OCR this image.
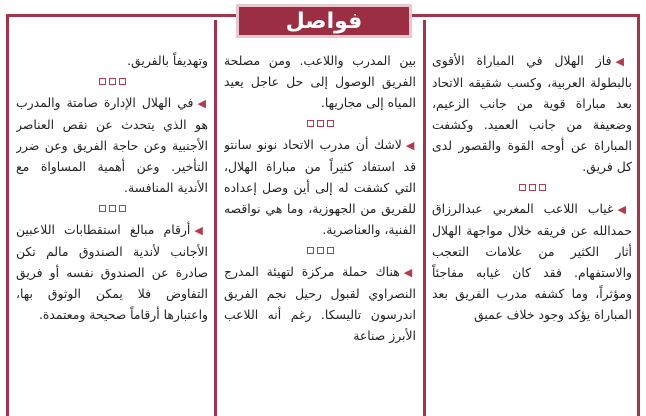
فواصل

◀فاز الهلال في المباراة الأقوى بالبطولة العربية، وكسب شقيقه الاتحاد بعد مباراة قوية من جانب الزعيم، وضعيفة من جانب العميد. وكشفت المباراة عن أوجه القوة والقصور لدى كل فريق.

◀غياب اللاعب المغربي عبدالرزاق حمدالله عن فريقه خلال مواجهة الهلال أثار الكثير من علامات التعجب والاستفهام. فقد كان غيابه مفاجئاً ومؤثراً، وما كشفه مدرب الفريق بعد المباراة يؤكد وجود خلاف عميق

بين المدرب واللاعب. ومن مصلحة الفريق الوصول إلى حل عاجل يعيد المياه إلى مجاريها.

◀لاشك أن مدرب الاتحاد نونو سانتو قد استفاد كثيراً من مباراة الهلال، التي كشفت له إلى أين وصل إعداده للفريق من الجهوزية، وما هي نواقصه الفنية، والعناصرية.

◀هناك حملة مركزة لتهيئة المدرج النصراوي لقبول رحيل نجم الفريق اندرسون تاليسكا. رغم أنه اللاعب الأبرز صناعة

وتهديفاً بالفريق.

◀في الهلال الإدارة صامتة والمدرب هو الذي يتحدث عن نقص العناصر الأجنبية وعن حاجة الفريق وعن ضرر التأخير. وعن أهمية المساواة مع الأندية المنافسة.

◀أرقام مبالغ استقطابات اللاعبين الأجانب لأندية الصندوق مالم تكن صادرة عن الصندوق نفسه أو فريق التفاوض فلا يمكن الوثوق بها، واعتبارها أرقاماً صحيحة ومعتمدة.
